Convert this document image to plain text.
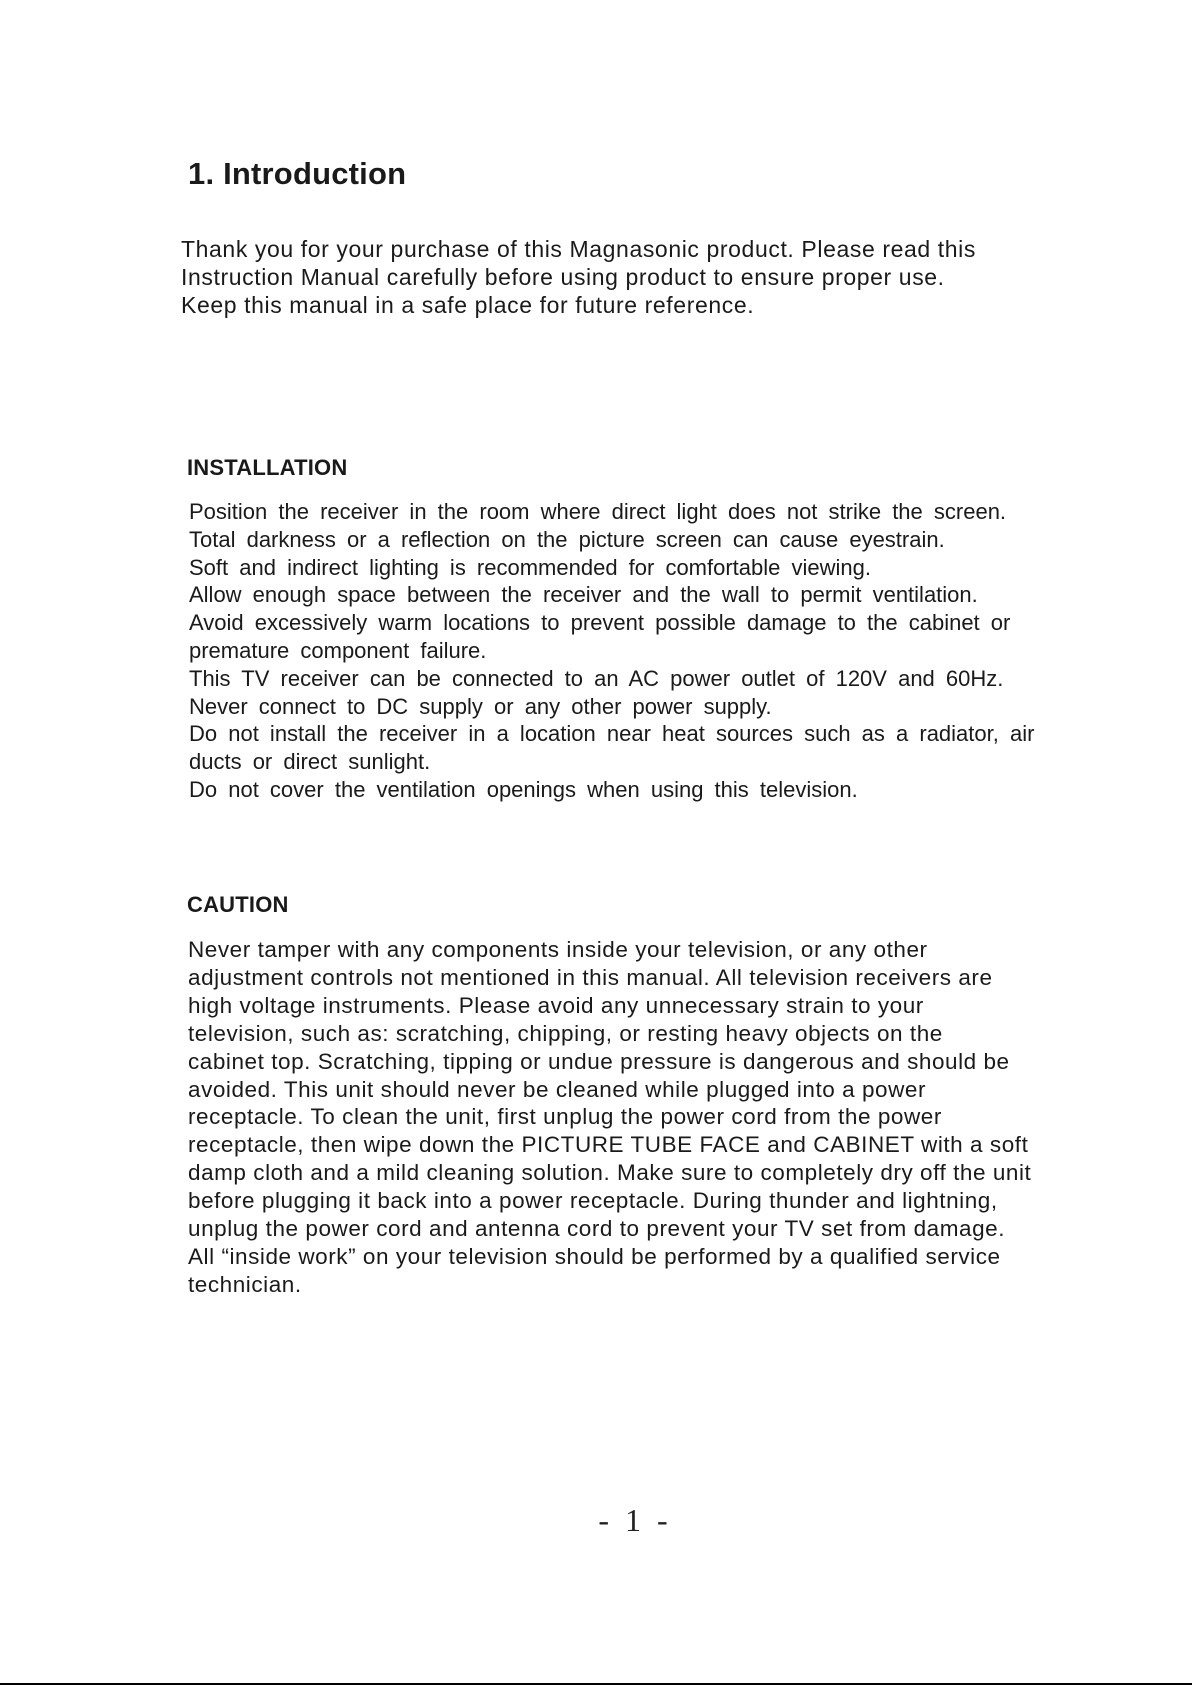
1. Introduction
Thank you for your purchase of this Magnasonic product. Please read this
Instruction Manual carefully before using product to ensure proper use.
Keep this manual in a safe place for future reference.
INSTALLATION
Position the receiver in the room where direct light does not strike the screen.
Total darkness or a reflection on the picture screen can cause eyestrain.
Soft and indirect lighting is recommended for comfortable viewing.
Allow enough space between the receiver and the wall to permit ventilation.
Avoid excessively warm locations to prevent possible damage to the cabinet or
premature component failure.
This TV receiver can be connected to an AC power outlet of 120V and 60Hz.
Never connect to DC supply or any other power supply.
Do not install the receiver in a location near heat sources such as a radiator, air
ducts or direct sunlight.
Do not cover the ventilation openings when using this television.
CAUTION
Never tamper with any components inside your television, or any other
adjustment controls not mentioned in this manual. All television receivers are
high voltage instruments. Please avoid any unnecessary strain to your
television, such as: scratching, chipping, or resting heavy objects on the
cabinet top. Scratching, tipping or undue pressure is dangerous and should be
avoided. This unit should never be cleaned while plugged into a power
receptacle. To clean the unit, first unplug the power cord from the power
receptacle, then wipe down the PICTURE TUBE FACE and CABINET with a soft
damp cloth and a mild cleaning solution. Make sure to completely dry off the unit
before plugging it back into a power receptacle. During thunder and lightning,
unplug the power cord and antenna cord to prevent your TV set from damage.
All “inside work” on your television should be performed by a qualified service
technician.
- 1 -
